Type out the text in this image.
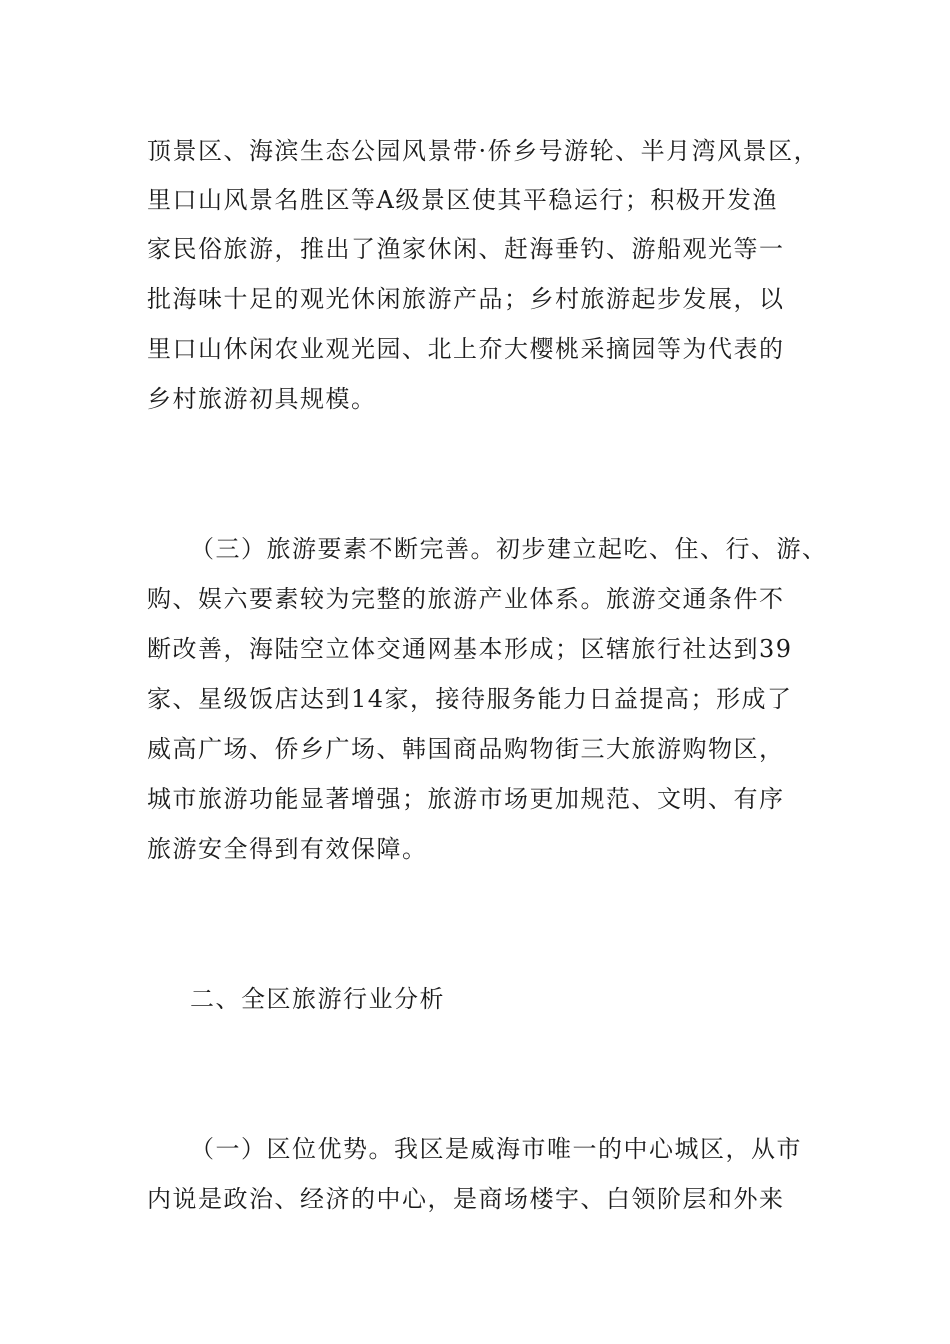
顶景区、海滨生态公园风景带·侨乡号游轮、半月湾风景区，
里口山风景名胜区等A级景区使其平稳运行；积极开发渔
家民俗旅游，推出了渔家休闲、赶海垂钓、游船观光等一
批海味十足的观光休闲旅游产品；乡村旅游起步发展，以
里口山休闲农业观光园、北上夼大樱桃采摘园等为代表的
乡村旅游初具规模。
（三）旅游要素不断完善。初步建立起吃、住、行、游、
购、娱六要素较为完整的旅游产业体系。旅游交通条件不
断改善，海陆空立体交通网基本形成；区辖旅行社达到39
家、星级饭店达到14家，接待服务能力日益提高；形成了
威高广场、侨乡广场、韩国商品购物街三大旅游购物区，
城市旅游功能显著增强；旅游市场更加规范、文明、有序
旅游安全得到有效保障。
二、全区旅游行业分析
（一）区位优势。我区是威海市唯一的中心城区，从市
内说是政治、经济的中心，是商场楼宇、白领阶层和外来
